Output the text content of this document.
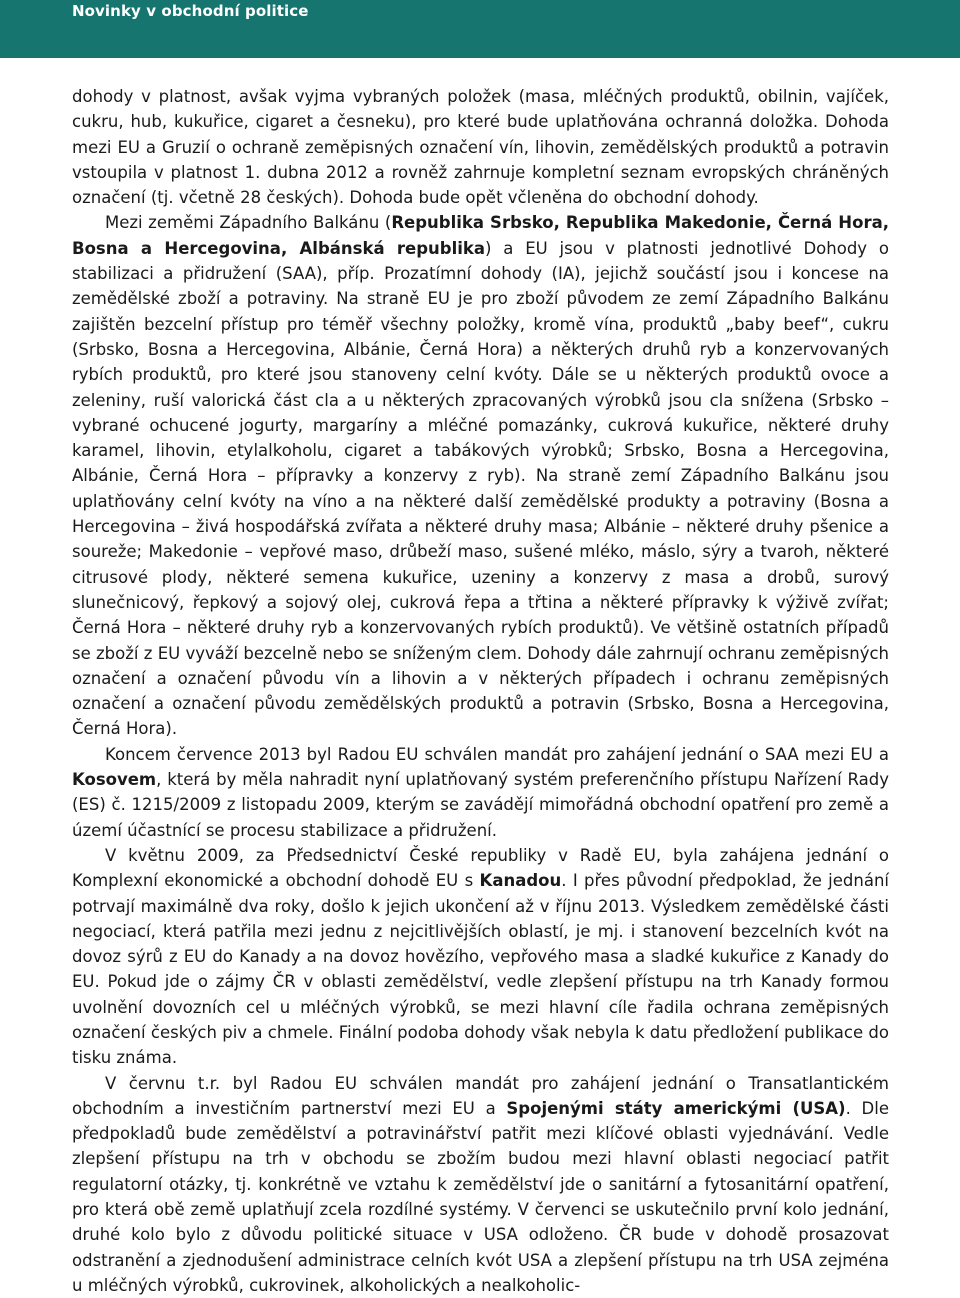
Novinky v obchodní politice

dohody v platnost, avšak vyjma vybraných položek (masa, mléčných produktů, obilnin, vajíček, cukru, hub, kukuřice, cigaret a česneku), pro které bude uplatňována ochranná doložka. Dohoda mezi EU a Gruzií o ochraně zeměpisných označení vín, lihovin, zemědělských produktů a potravin vstoupila v platnost 1. dubna 2012 a rovněž zahrnuje kompletní seznam evropských chráněných označení (tj. včetně 28 českých). Dohoda bude opět včleněna do obchodní dohody.

Mezi zeměmi Západního Balkánu (Republika Srbsko, Republika Makedonie, Černá Hora, Bosna a Hercegovina, Albánská republika) a EU jsou v platnosti jednotlivé Dohody o stabilizaci a přidružení (SAA), příp. Prozatímní dohody (IA), jejichž součástí jsou i koncese na zemědělské zboží a potraviny. Na straně EU je pro zboží původem ze zemí Západního Balkánu zajištěn bezcelní přístup pro téměř všechny položky, kromě vína, produktů „baby beef“, cukru (Srbsko, Bosna a Hercegovina, Albánie, Černá Hora) a některých druhů ryb a konzervovaných rybích produktů, pro které jsou stanoveny celní kvóty. Dále se u některých produktů ovoce a zeleniny, ruší valorická část cla a u některých zpracovaných výrobků jsou cla snížena (Srbsko – vybrané ochucené jogurty, margaríny a mléčné pomazánky, cukrová kukuřice, některé druhy karamel, lihovin, etylalkoholu, cigaret a tabákových výrobků; Srbsko, Bosna a Hercegovina, Albánie, Černá Hora – přípravky a konzervy z ryb). Na straně zemí Západního Balkánu jsou uplatňovány celní kvóty na víno a na některé další zemědělské produkty a potraviny (Bosna a Hercegovina – živá hospodářská zvířata a některé druhy masa; Albánie – některé druhy pšenice a soureže; Makedonie – vepřové maso, drůbeží maso, sušené mléko, máslo, sýry a tvaroh, některé citrusové plody, některé semena kukuřice, uzeniny a konzervy z masa a drobů, surový slunečnicový, řepkový a sojový olej, cukrová řepa a třtina a některé přípravky k výživě zvířat; Černá Hora – některé druhy ryb a konzervovaných rybích produktů). Ve většině ostatních případů se zboží z EU vyváží bezcelně nebo se sníženým clem. Dohody dále zahrnují ochranu zeměpisných označení a označení původu vín a lihovin a v některých případech i ochranu zeměpisných označení a označení původu zemědělských produktů a potravin (Srbsko, Bosna a Hercegovina, Černá Hora).

Koncem července 2013 byl Radou EU schválen mandát pro zahájení jednání o SAA mezi EU a Kosovem, která by měla nahradit nyní uplatňovaný systém preferenčního přístupu Nařízení Rady (ES) č. 1215/2009 z listopadu 2009, kterým se zavádějí mimořádná obchodní opatření pro země a území účastnící se procesu stabilizace a přidružení.

V květnu 2009, za Předsednictví České republiky v Radě EU, byla zahájena jednání o Komplexní ekonomické a obchodní dohodě EU s Kanadou. I přes původní předpoklad, že jednání potrvají maximálně dva roky, došlo k jejich ukončení až v říjnu 2013. Výsledkem zemědělské části negociací, která patřila mezi jednu z nejcitlivějších oblastí, je mj. i stanovení bezcelních kvót na dovoz sýrů z EU do Kanady a na dovoz hovězího, vepřového masa a sladké kukuřice z Kanady do EU. Pokud jde o zájmy ČR v oblasti zemědělství, vedle zlepšení přístupu na trh Kanady formou uvolnění dovozních cel u mléčných výrobků, se mezi hlavní cíle řadila ochrana zeměpisných označení českých piv a chmele. Finální podoba dohody však nebyla k datu předložení publikace do tisku známa.

V červnu t.r. byl Radou EU schválen mandát pro zahájení jednání o Transatlantickém obchodním a investičním partnerství mezi EU a Spojenými státy americkými (USA). Dle předpokladů bude zemědělství a potravinářství patřit mezi klíčové oblasti vyjednávání. Vedle zlepšení přístupu na trh v obchodu se zbožím budou mezi hlavní oblasti negociací patřit regulatorní otázky, tj. konkrétně ve vztahu k zemědělství jde o sanitární a fytosanitární opatření, pro která obě země uplatňují zcela rozdílné systémy. V červenci se uskutečnilo první kolo jednání, druhé kolo bylo z důvodu politické situace v USA odloženo. ČR bude v dohodě prosazovat odstranění a zjednodušení administrace celních kvót USA a zlepšení přístupu na trh USA zejména u mléčných výrobků, cukrovinek, alkoholických a nealkoholic-
